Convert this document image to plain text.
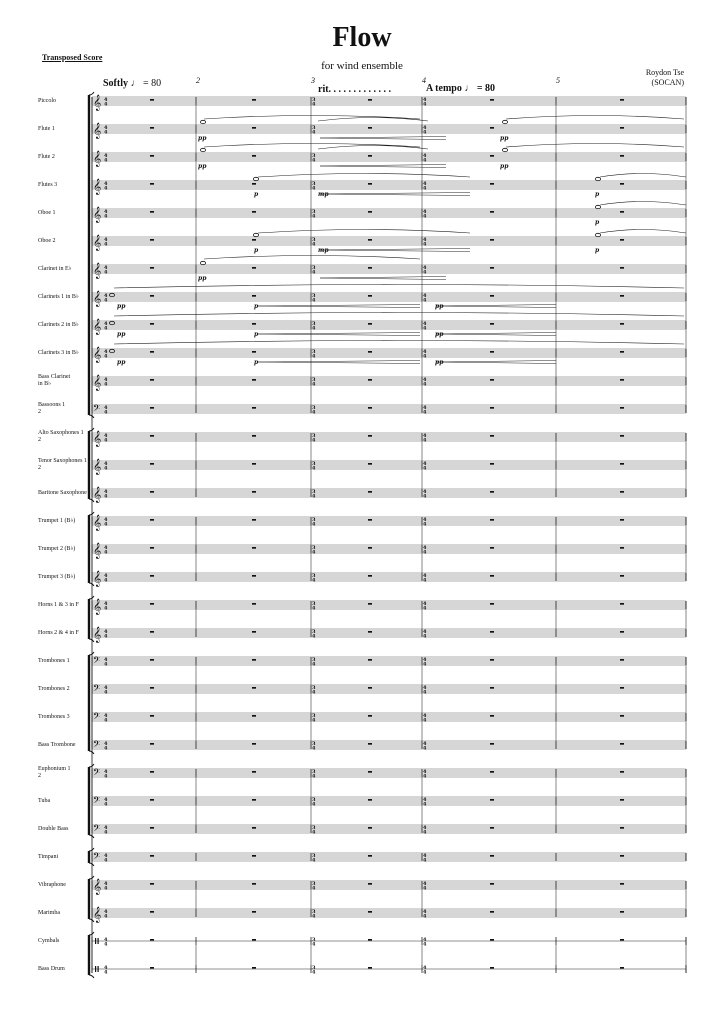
Flow
for wind ensemble
Transposed Score
Roydon Tse
(SOCAN)
Softly ♩ = 80
rit. . . . . . . . . . . . .	A tempo ♩ = 80
2	3	4	5
Piccolo
Flute 1
Flute 2
Flutes 3
Oboe 1
Oboe 2
Clarinet in E♭
Clarinets 1 in B♭
Clarinets 2 in B♭
Clarinets 3 in B♭
Bass Clarinet
in B♭
Bassoons 1
2
Alto Saxophones 1
2
Tenor Saxophones 1
2
Baritone Saxophone
Trumpet 1 (B♭)
Trumpet 2 (B♭)
Trumpet 3 (B♭)
Horns 1 & 3 in F
Horns 2 & 4 in F
Trombones 1
Trombones 2
Trombones 3
Bass Trombone
Euphonium 1
2
Tuba
Double Bass
Timpani
Vibraphone
Marimba
Cymbals
Bass Drum
𝄞 4
4
3
4
4
4
𝄞 4
4
3
4
4
4
𝄞 4
4
3
4
4
4
𝄞 4
4
3
4
4
4
𝄞 4
4
3
4
4
4
𝄞 4
4
3
4
4
4
𝄞 4
4
3
4
4
4
𝄞 4
4
3
4
4
4
𝄞 4
4
3
4
4
4
𝄞 4
4
3
4
4
4
𝄞 4
4
3
4
4
4
𝄢 4
4
3
4
4
4
𝄞 4
4
3
4
4
4
𝄞 4
4
3
4
4
4
𝄞 4
4
3
4
4
4
𝄞 4
4
3
4
4
4
𝄞 4
4
3
4
4
4
𝄞 4
4
3
4
4
4
𝄞 4
4
3
4
4
4
𝄞 4
4
3
4
4
4
𝄢 4
4
3
4
4
4
𝄢 4
4
3
4
4
4
𝄢 4
4
3
4
4
4
𝄢 4
4
3
4
4
4
𝄢 4
4
3
4
4
4
𝄢 4
4
3
4
4
4
𝄢 4
4
3
4
4
4
𝄢 4
4
3
4
4
4
𝄞 4
4
3
4
4
4
𝄞 4
4
3
4
4
4
4
4
3
4
4
4
4
4
3
4
4
4
pp	pp
pp	pp
p	mp	p
p	mp	p
p
pp
pp	p	pp
pp	p	pp
pp	p	pp
